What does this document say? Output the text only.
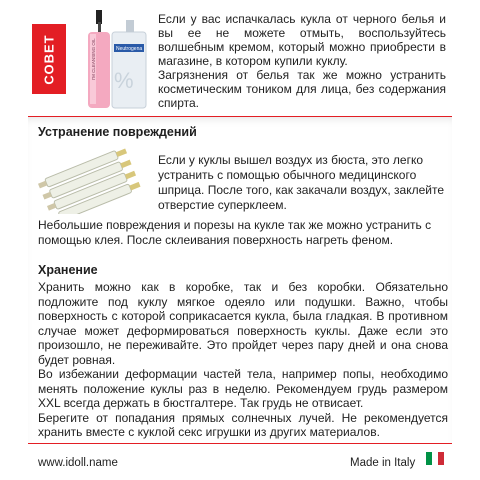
СОВЕТ	Neutrogena
%
I'M CLEANSING OIL

Если у вас испачкалась кукла от черного белья и вы ее не можете отмыть, воспользуйтесь волшебным кремом, который можно приобрести в магазине, в котором купили куклу.

Загрязнения от белья так же можно устранить косметическим тоником для лица, без содержания спирта.

Устранение повреждений
Если у куклы вышел воздух из бюста, это легко устранить с помощью обычного медицинского шприца. После того, как закачали воздух, заклейте отверстие суперклеем.
Небольшие повреждения и порезы на кукле так же можно устранить с помощью клея. После склеивания поверхность нагреть феном.
Хранение

Хранить можно как в коробке, так и без коробки. Обязательно подложите под куклу мягкое одеяло или подушки. Важно, чтобы поверхность с которой соприкасается кукла, была гладкая. В противном случае может деформироваться поверхность куклы. Даже если это произошло, не переживайте. Это пройдет через пару дней и она снова будет ровная.

Во избежании деформации частей тела, например попы, необходимо менять положение куклы раз в неделю. Рекомендуем грудь размером XXL всегда держать в бюстгалтере. Так грудь не отвисает.

Берегите от попадания прямых солнечных лучей. Не рекомендуется хранить вместе с куклой секс игрушки из других материалов.

www.idoll.name	Made in Italy
